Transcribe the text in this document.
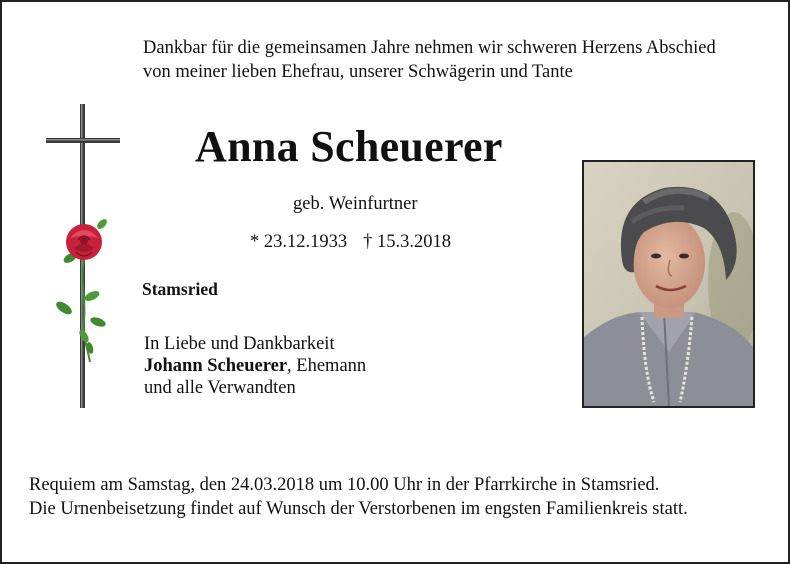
Dankbar für die gemeinsamen Jahre nehmen wir schweren Herzens Abschied
von meiner lieben Ehefrau, unserer Schwägerin und Tante
Anna Scheuerer
geb. Weinfurtner
* 23.12.1933 † 15.3.2018
Stamsried
In Liebe und Dankbarkeit
Johann Scheuerer, Ehemann
und alle Verwandten
Requiem am Samstag, den 24.03.2018 um 10.00 Uhr in der Pfarrkirche in Stamsried.
Die Urnenbeisetzung findet auf Wunsch der Verstorbenen im engsten Familienkreis statt.
